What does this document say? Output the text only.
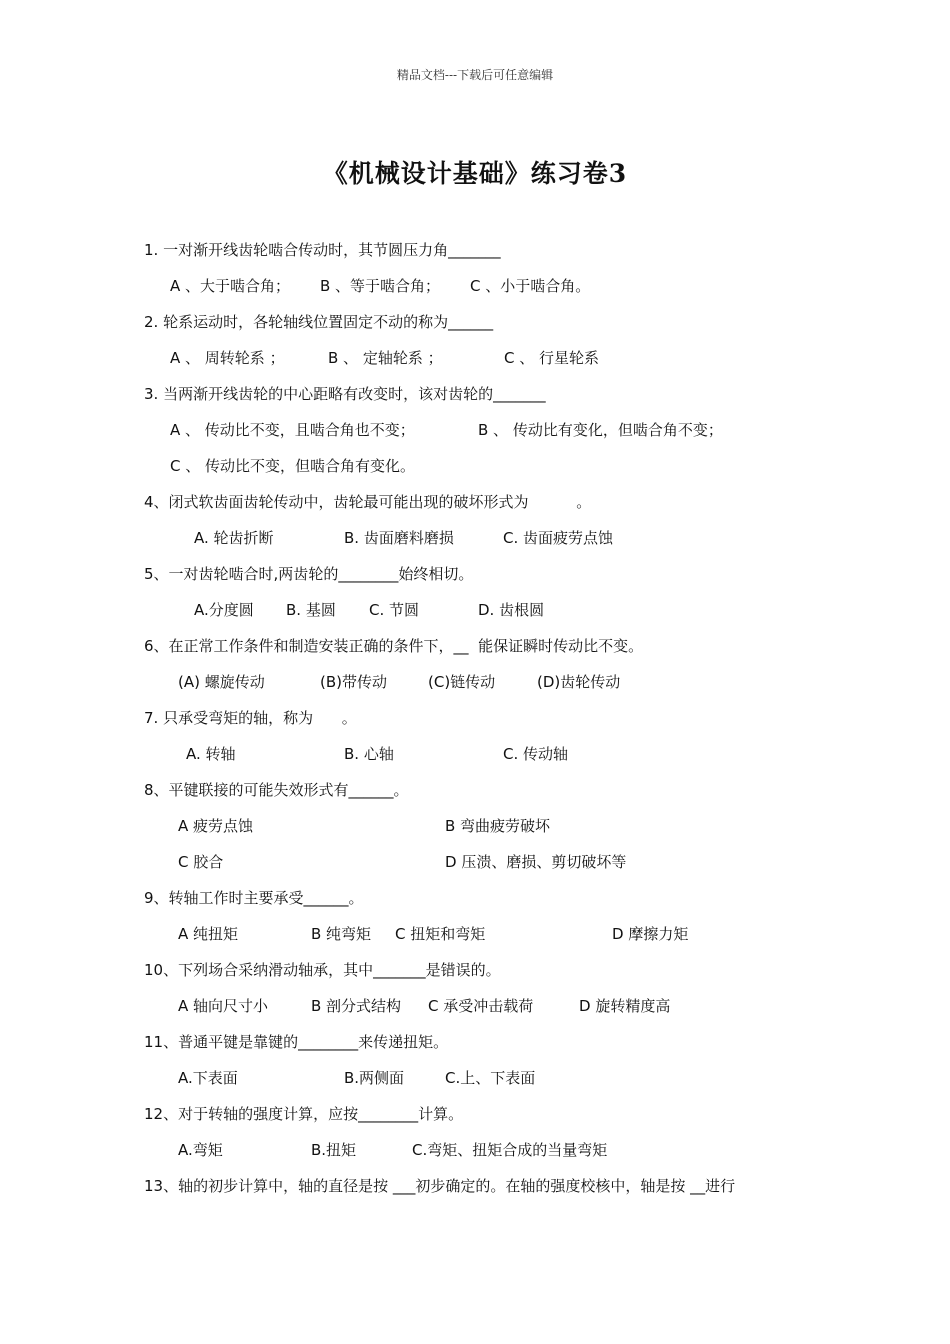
精品文档---下载后可任意编辑
《机械设计基础》练习卷3
1. 一对渐开线齿轮啮合传动时，其节圆压力角_______
A 、大于啮合角； B 、等于啮合角； C 、小于啮合角。
2. 轮系运动时，各轮轴线位置固定不动的称为______
A 、 周转轮系 ；	B 、 定轴轮系 ；	C 、 行星轮系
3. 当两渐开线齿轮的中心距略有改变时，该对齿轮的_______
A 、 传动比不变，且啮合角也不变；	B 、 传动比有变化，但啮合角不变；
C 、 传动比不变，但啮合角有变化。
4、闭式软齿面齿轮传动中，齿轮最可能出现的破坏形式为          。
A. 轮齿折断	B. 齿面磨料磨损	C. 齿面疲劳点蚀
5、一对齿轮啮合时,两齿轮的________始终相切。
A.分度圆 B. 基圆 C. 节圆	D. 齿根圆
6、在正常工作条件和制造安装正确的条件下，__  能保证瞬时传动比不变。
(A) 螺旋传动	(B)带传动	(C)链传动	(D)齿轮传动
7. 只承受弯矩的轴，称为      。
A. 转轴	B. 心轴	C. 传动轴
8、平键联接的可能失效形式有______。
A 疲劳点蚀	B 弯曲疲劳破坏
C 胶合	D 压溃、磨损、剪切破坏等
9、转轴工作时主要承受______。
A 纯扭矩	B 纯弯矩 C 扭矩和弯矩	D 摩擦力矩
10、下列场合采纳滑动轴承，其中_______是错误的。
A 轴向尺寸小	B 剖分式结构 C 承受冲击载荷	D 旋转精度高
11、普通平键是靠键的________来传递扭矩。
A.下表面	B.两侧面	C.上、下表面
12、对于转轴的强度计算，应按________计算。
A.弯矩	B.扭矩	C.弯矩、扭矩合成的当量弯矩
13、轴的初步计算中，轴的直径是按 ___初步确定的。在轴的强度校核中，轴是按 __进行
